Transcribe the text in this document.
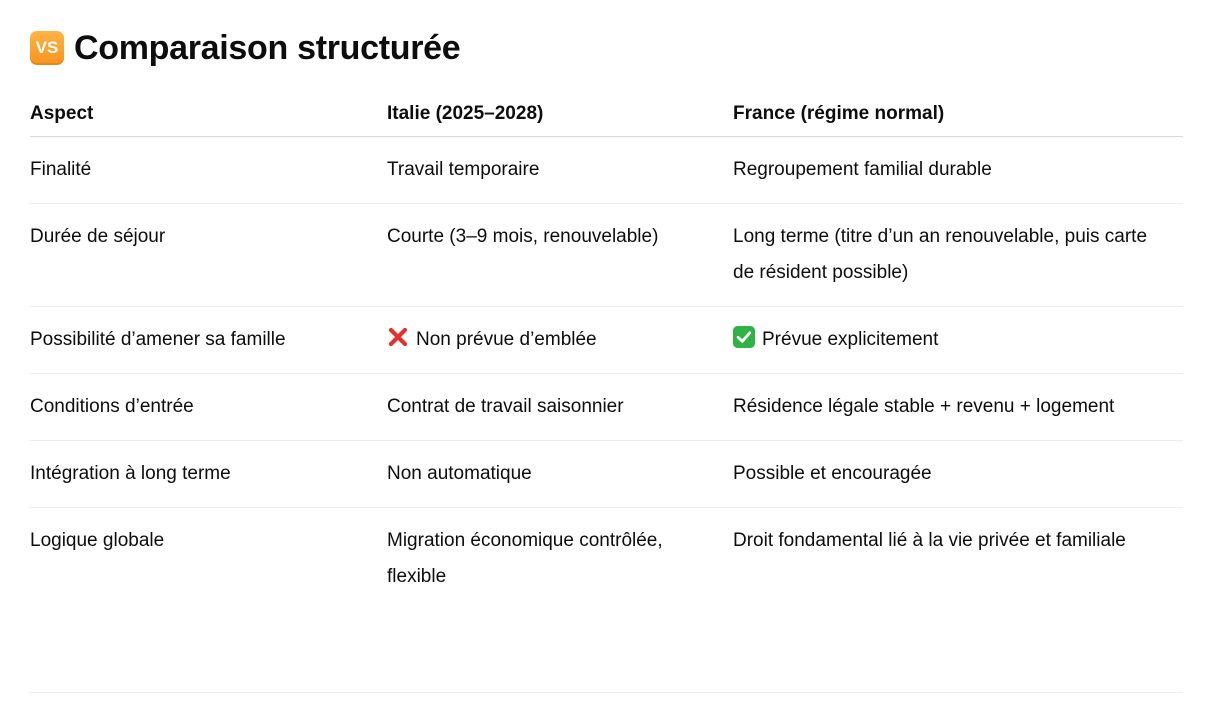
VS Comparaison structurée
Aspect	Italie (2025–2028)	France (régime normal)
Finalité	Travail temporaire	Regroupement familial durable
Durée de séjour	Courte (3–9 mois, renouvelable)	Long terme (titre d’un an renouvelable, puis carte de résident possible)
Possibilité d’amener sa famille	Non prévue d’emblée	Prévue explicitement
Conditions d’entrée	Contrat de travail saisonnier	Résidence légale stable + revenu + logement
Intégration à long terme	Non automatique	Possible et encouragée
Logique globale	Migration économique contrôlée, flexible	Droit fondamental lié à la vie privée et familiale
